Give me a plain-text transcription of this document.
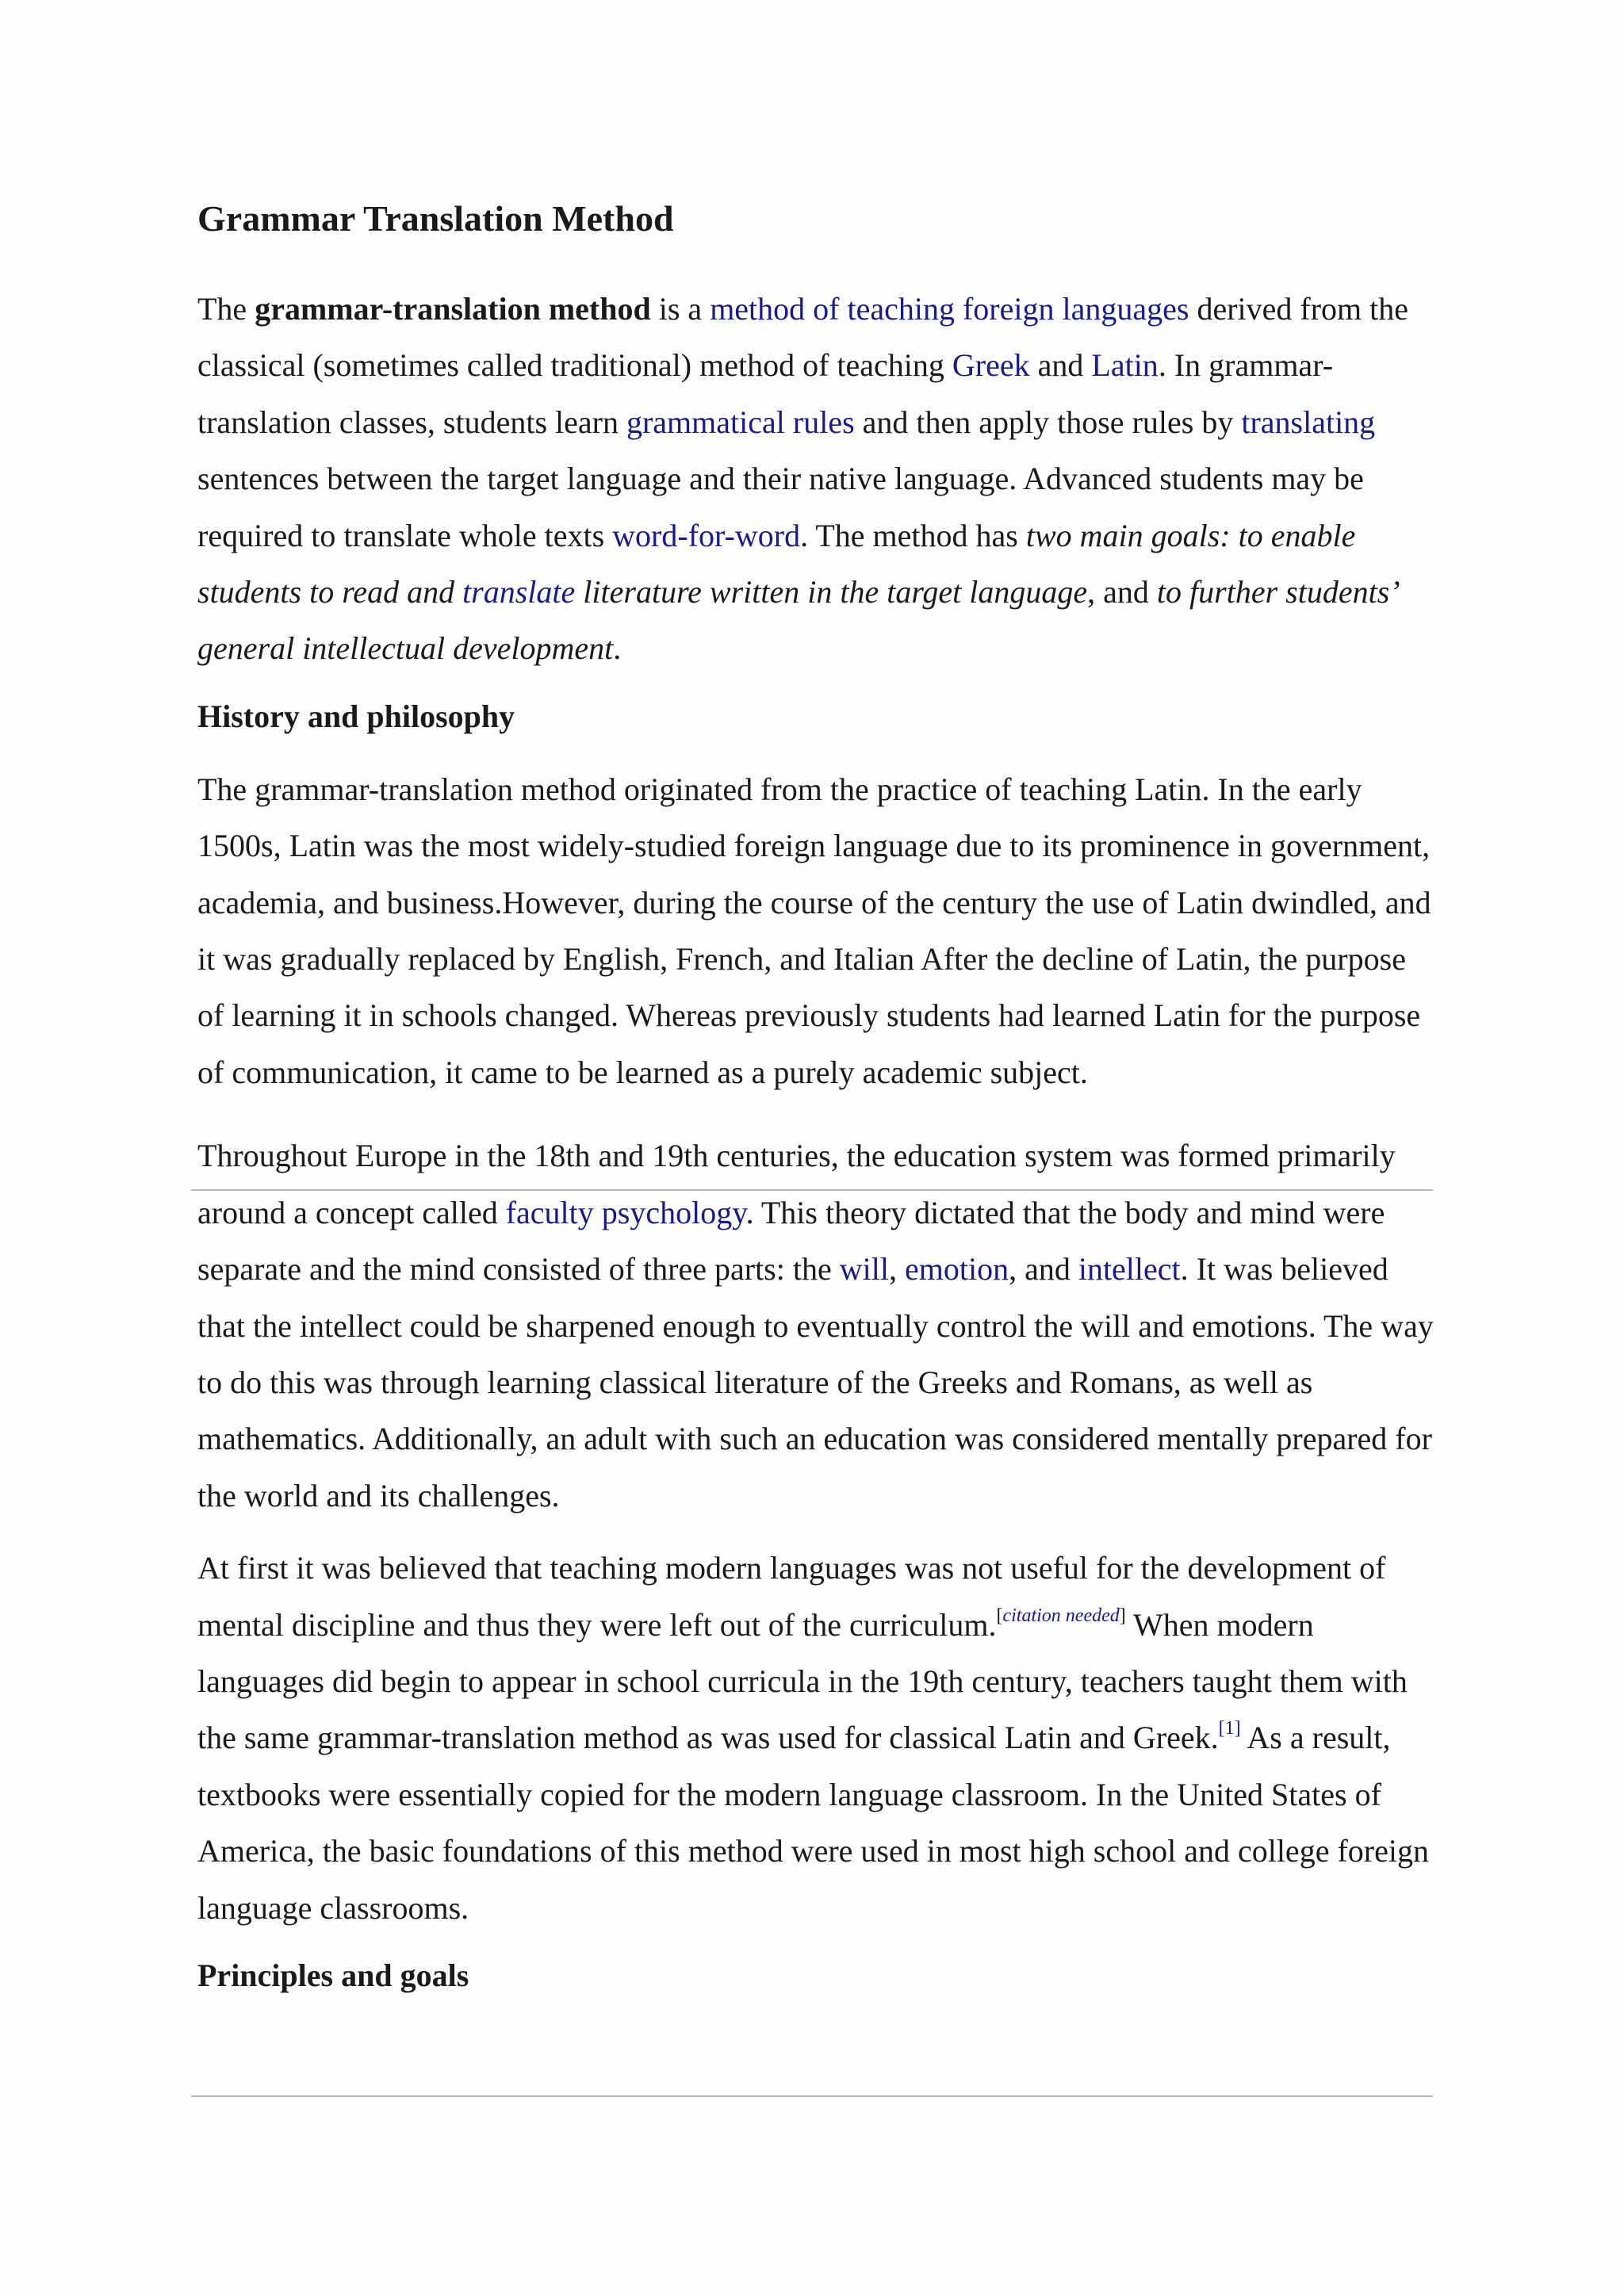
Grammar Translation Method

The grammar-translation method is a method of teaching foreign languages derived from the classical (sometimes called traditional) method of teaching Greek and Latin. In grammar-translation classes, students learn grammatical rules and then apply those rules by translating sentences between the target language and their native language. Advanced students may be required to translate whole texts word-for-word. The method has two main goals: to enable students to read and translate literature written in the target language, and to further students’ general intellectual development.

History and philosophy

The grammar-translation method originated from the practice of teaching Latin. In the early 1500s, Latin was the most widely-studied foreign language due to its prominence in government, academia, and business.However, during the course of the century the use of Latin dwindled, and it was gradually replaced by English, French, and Italian After the decline of Latin, the purpose of learning it in schools changed. Whereas previously students had learned Latin for the purpose of communication, it came to be learned as a purely academic subject.

Throughout Europe in the 18th and 19th centuries, the education system was formed primarily around a concept called faculty psychology. This theory dictated that the body and mind were separate and the mind consisted of three parts: the will, emotion, and intellect. It was believed that the intellect could be sharpened enough to eventually control the will and emotions. The way to do this was through learning classical literature of the Greeks and Romans, as well as mathematics. Additionally, an adult with such an education was considered mentally prepared for the world and its challenges.

At first it was believed that teaching modern languages was not useful for the development of mental discipline and thus they were left out of the curriculum.[citation needed] When modern languages did begin to appear in school curricula in the 19th century, teachers taught them with the same grammar-translation method as was used for classical Latin and Greek.[1] As a result, textbooks were essentially copied for the modern language classroom. In the United States of America, the basic foundations of this method were used in most high school and college foreign language classrooms.

Principles and goals
